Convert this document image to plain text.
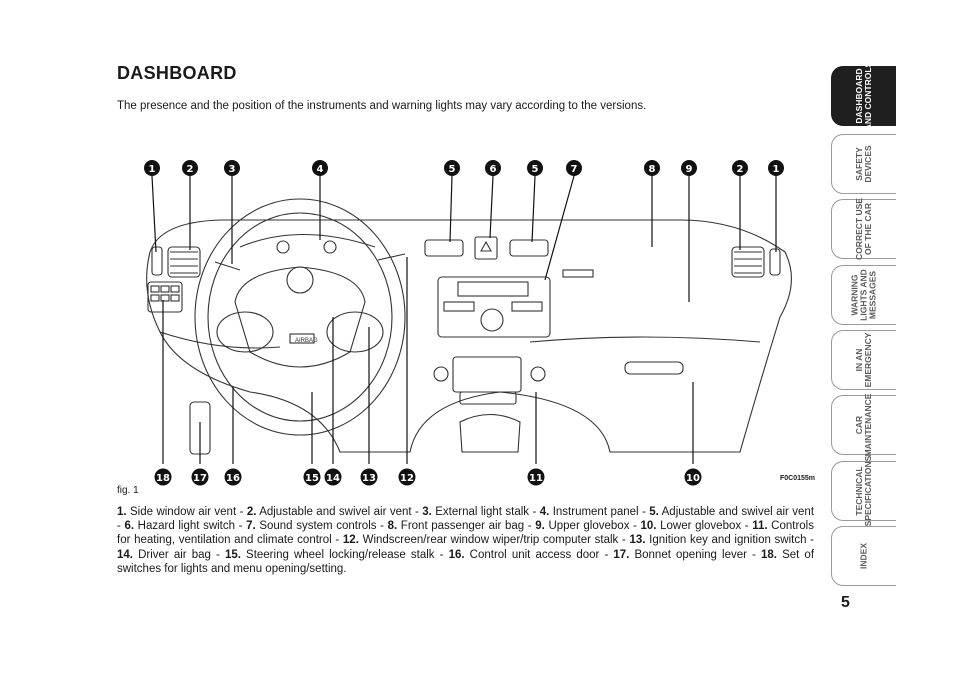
DASHBOARD
The presence and the position of the instruments and warning lights may vary according to the versions.
AIRBAG
1	2	3	4	5	6	5	7	8	9	2	1
18 17 16	15 14 13 12	11	10	F0C0155m
fig. 1
1. Side window air vent - 2. Adjustable and swivel air vent - 3. External light stalk - 4. Instrument panel - 5. Adjustable and swivel air vent - 6. Hazard light switch - 7. Sound system controls - 8. Front passenger air bag - 9. Upper glovebox - 10. Lower glovebox - 11. Controls for heating, ventilation and climate control - 12. Windscreen/rear window wiper/trip computer stalk - 13. Ignition key and ignition switch - 14. Driver air bag - 15. Steering wheel locking/release stalk - 16. Control unit access door - 17. Bonnet opening lever - 18. Set of switches for lights and menu opening/setting.
DASHBOARD
AND CONTROLS
SAFETY
DEVICES
CORRECT USE
OF THE CAR
WARNING
LIGHTS AND
MESSAGES
IN AN
EMERGENCY
CAR
MAINTENANCE
TECHNICAL
SPECIFICATIONS
INDEX
5
